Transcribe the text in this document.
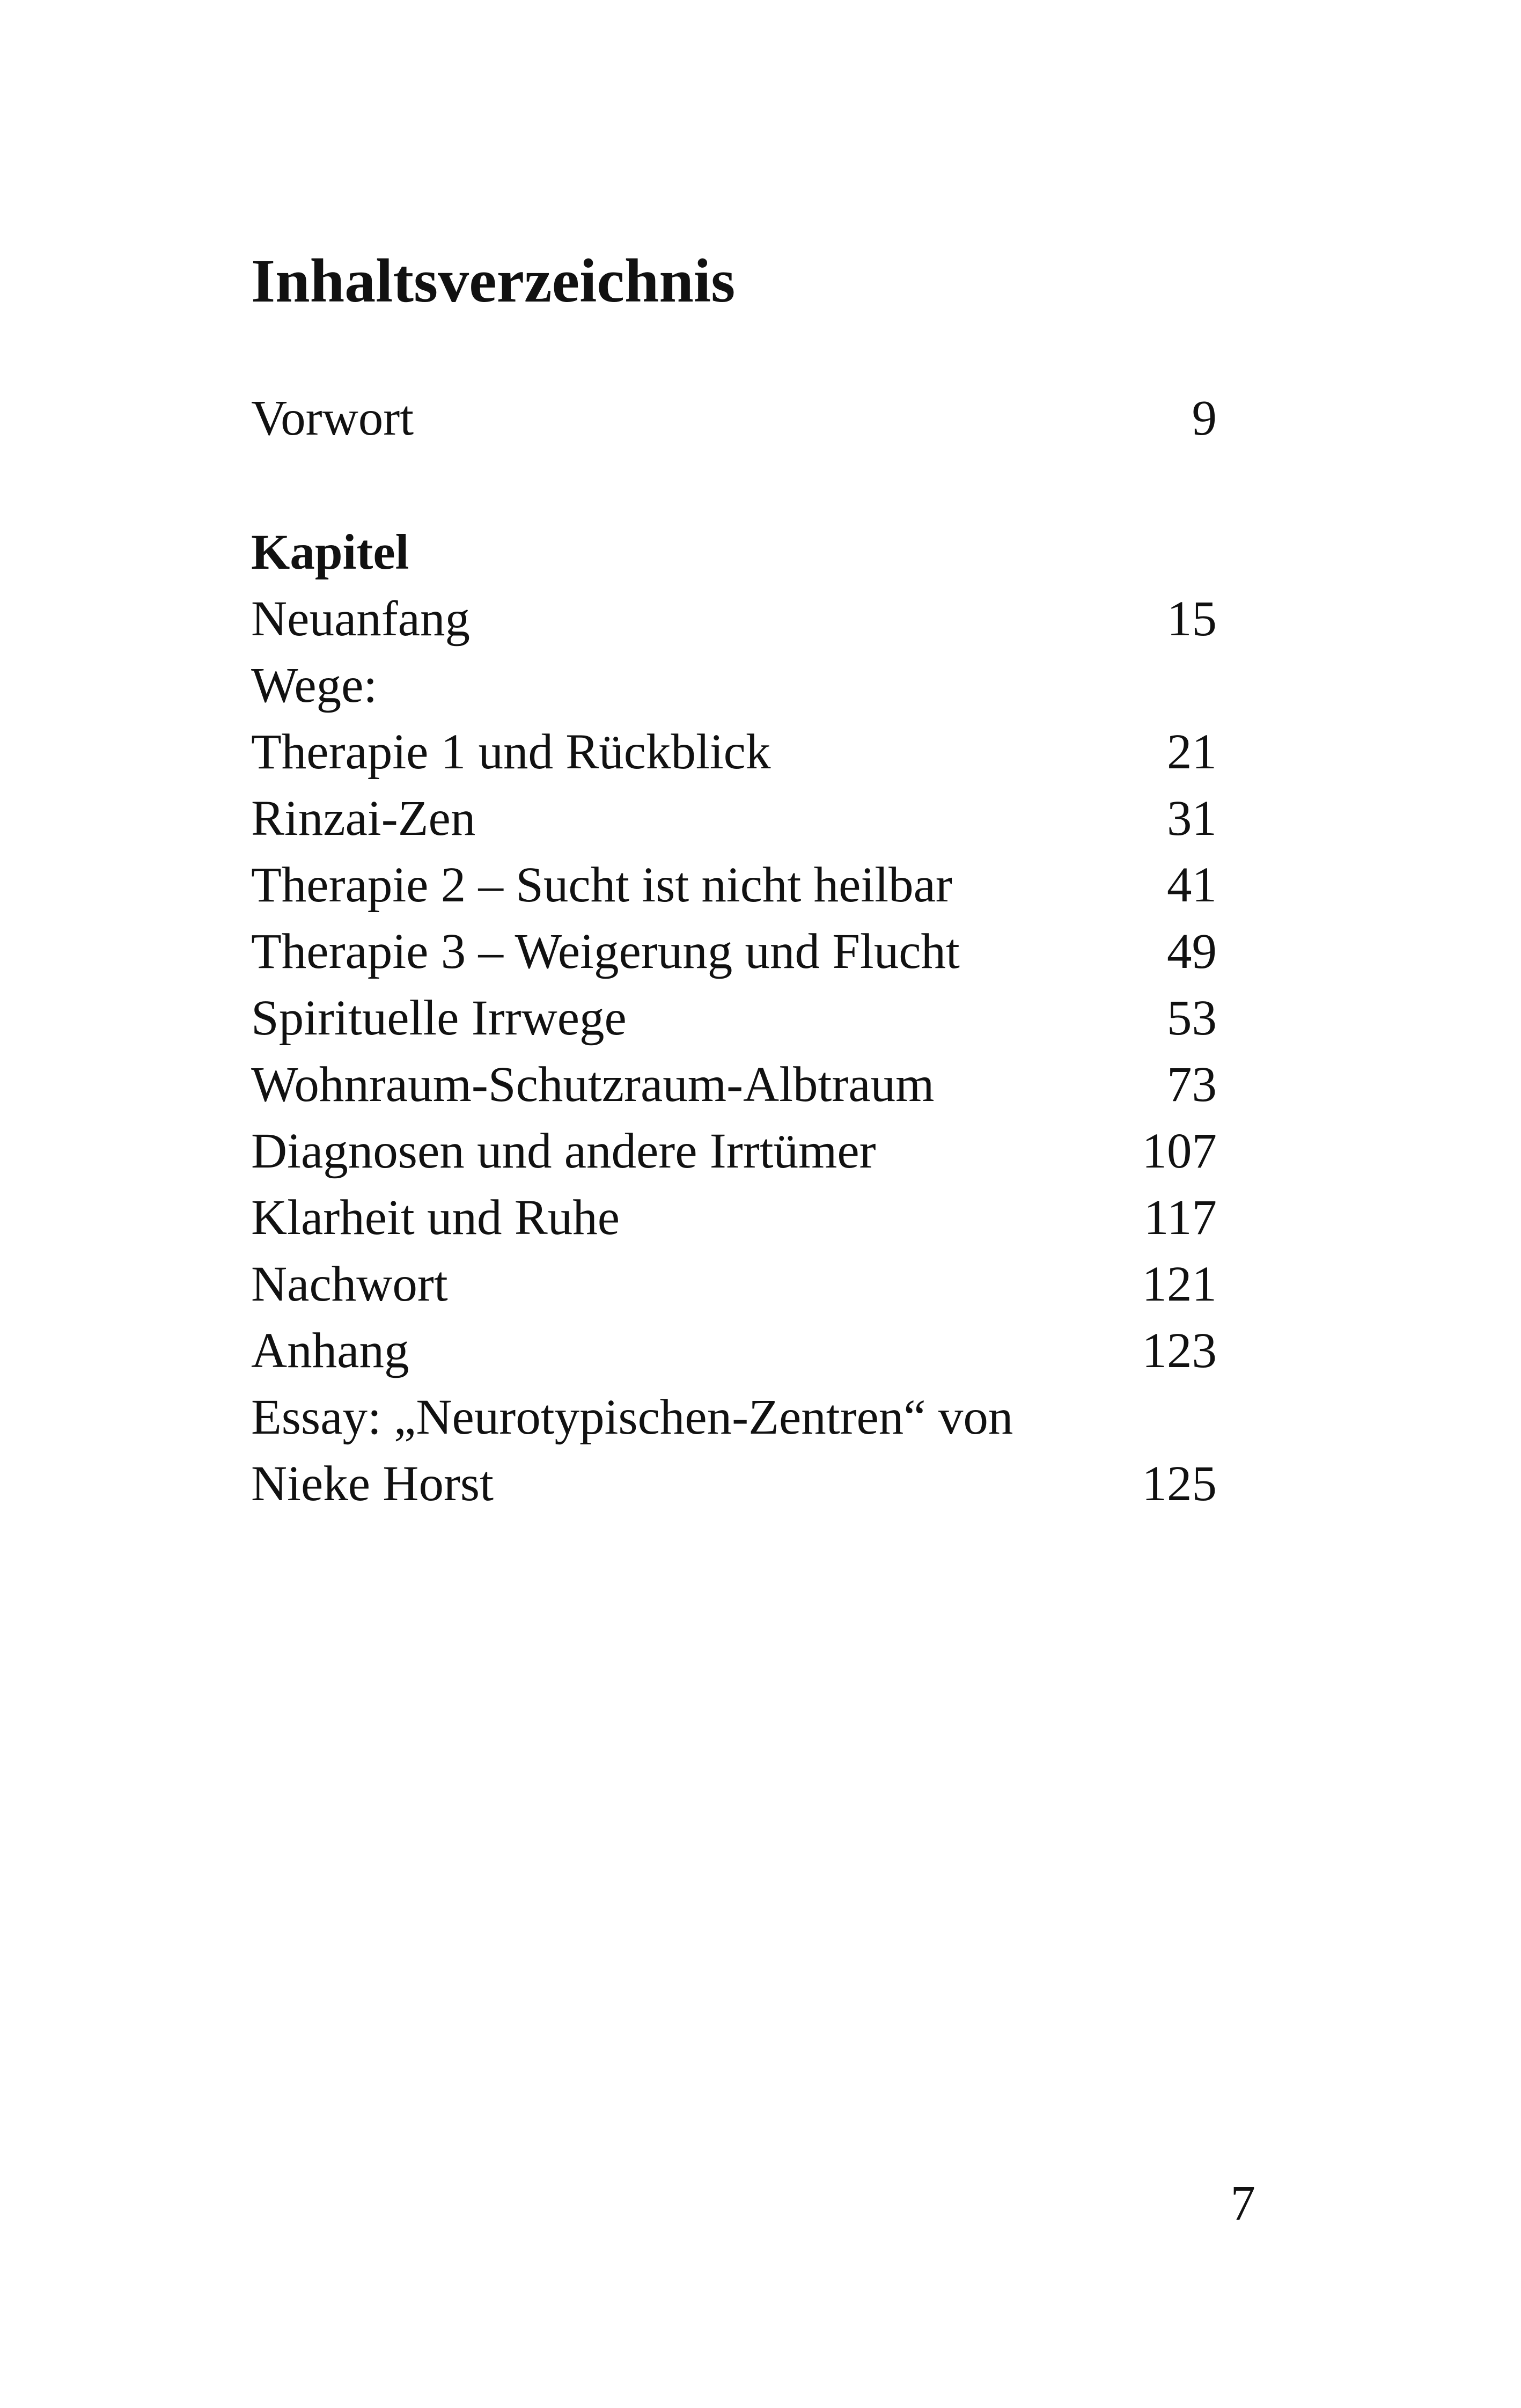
Inhaltsverzeichnis
Vorwort	9
Kapitel
Neuanfang	15
Wege:
Therapie 1 und Rückblick	21
Rinzai-Zen	31
Therapie 2 – Sucht ist nicht heilbar	41
Therapie 3 – Weigerung und Flucht	49
Spirituelle Irrwege	53
Wohnraum-Schutzraum-Albtraum	73
Diagnosen und andere Irrtümer	107
Klarheit und Ruhe	117
Nachwort	121
Anhang	123
Essay: „Neurotypischen-Zentren“ von
Nieke Horst	125
7
